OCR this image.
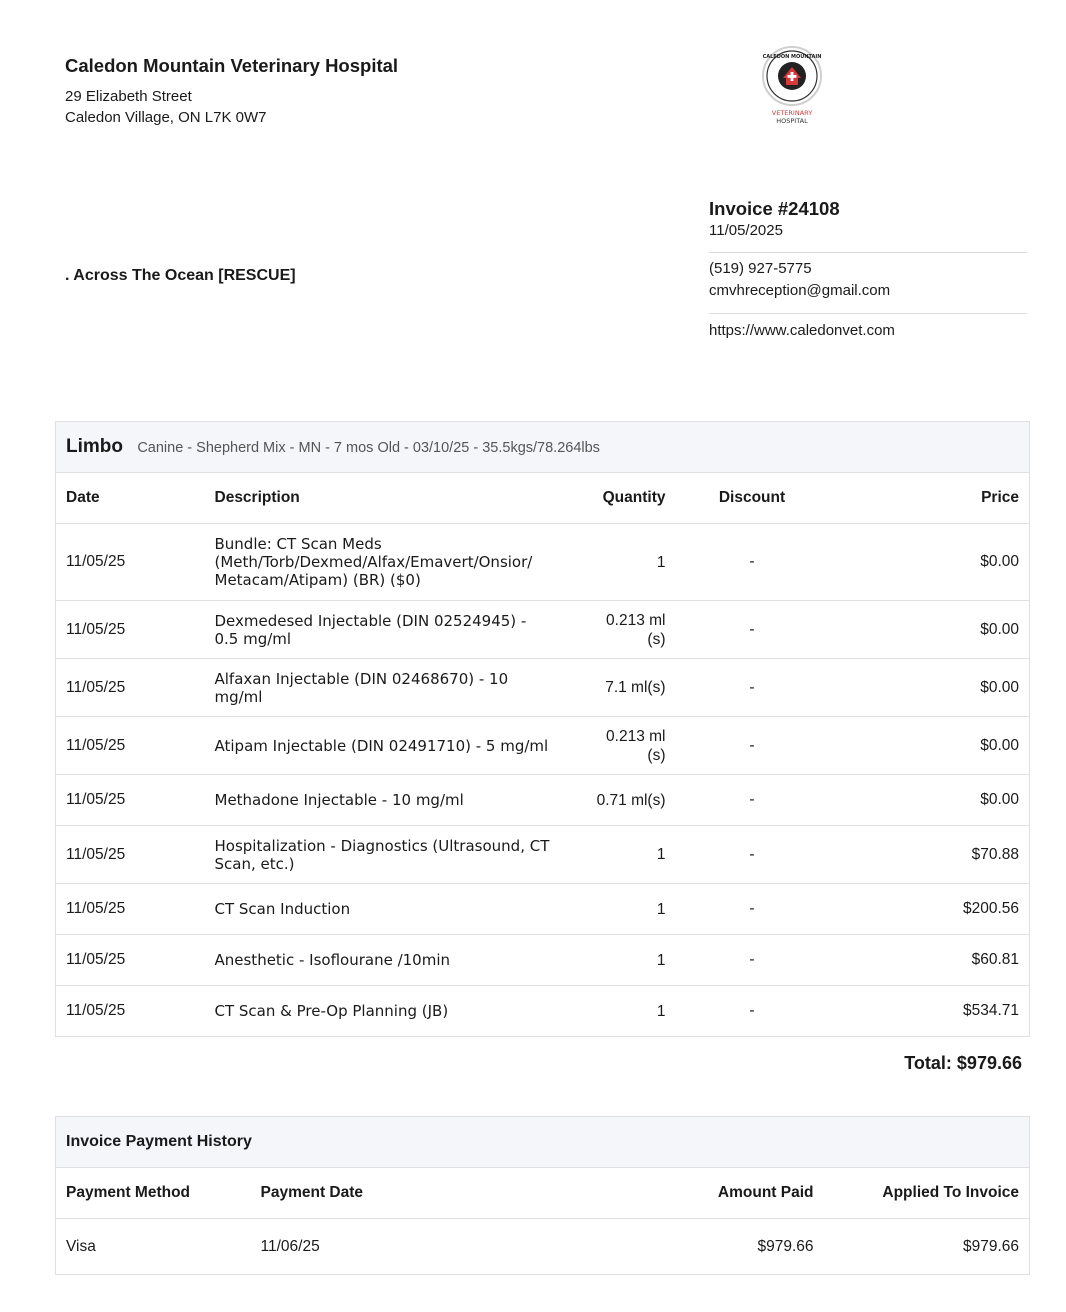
Caledon Mountain Veterinary Hospital
29 Elizabeth Street
Caledon Village, ON L7K 0W7
CALEDON MOUNTAIN
VETERINARY
HOSPITAL
. Across The Ocean [RESCUE]
Invoice #24108
11/05/2025
(519) 927-5775
cmvhreception@gmail.com
https://www.caledonvet.com
Limbo Canine - Shepherd Mix - MN - 7 mos Old - 03/10/25 - 35.5kgs/78.264lbs				
Date	Description	Quantity	Discount	Price
11/05/25	Bundle: CT Scan Meds (Meth/Torb/Dexmed/Alfax/Emavert/Onsior/ Metacam/Atipam) (BR) ($0)	1	-	$0.00
11/05/25	Dexmedesed Injectable (DIN 02524945) - 0.5 mg/ml	0.213 ml (s)	-	$0.00
11/05/25	Alfaxan Injectable (DIN 02468670) - 10 mg/ml	7.1 ml(s)	-	$0.00
11/05/25	Atipam Injectable (DIN 02491710) - 5 mg/ml	0.213 ml (s)	-	$0.00
11/05/25	Methadone Injectable - 10 mg/ml	0.71 ml(s)	-	$0.00
11/05/25	Hospitalization - Diagnostics (Ultrasound, CT Scan, etc.)	1	-	$70.88
11/05/25	CT Scan Induction	1	-	$200.56
11/05/25	Anesthetic - Isoflourane /10min	1	-	$60.81
11/05/25	CT Scan & Pre-Op Planning (JB)	1	-	$534.71
Total: $979.66
Invoice Payment History			
Payment Method	Payment Date	Amount Paid	Applied To Invoice
Visa	11/06/25	$979.66	$979.66
